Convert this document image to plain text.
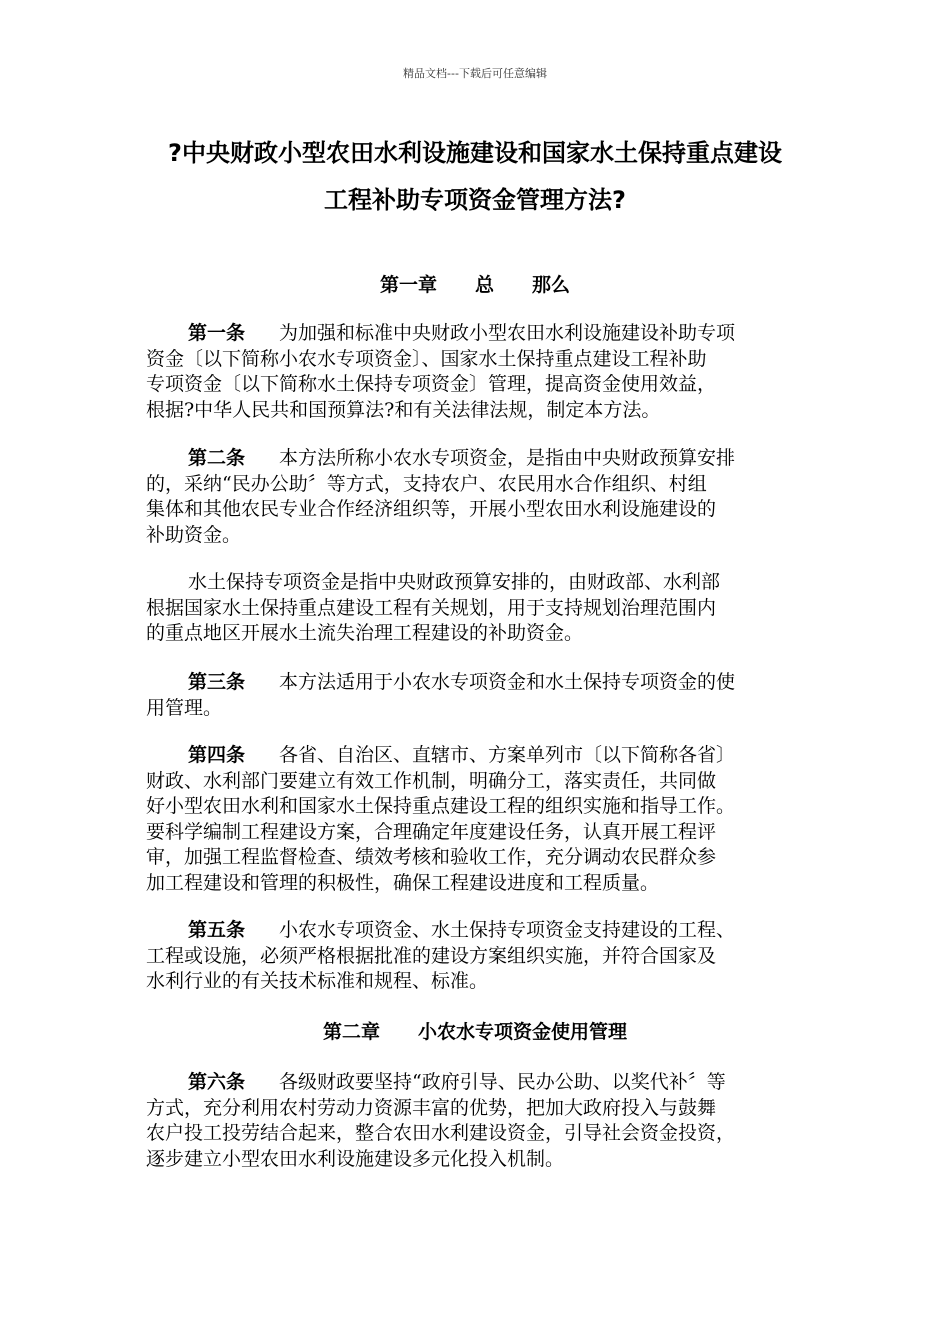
精品文档---下载后可任意编辑
?中央财政小型农田水利设施建设和国家水土保持重点建设
工程补助专项资金管理方法?
第一章 总 那么
第一条 为加强和标准中央财政小型农田水利设施建设补助专项
资金〔以下简称小农水专项资金〕、国家水土保持重点建设工程补助
专项资金〔以下简称水土保持专项资金〕管理，提高资金使用效益，
根据?中华人民共和国预算法?和有关法律法规，制定本方法。
第二条 本方法所称小农水专项资金，是指由中央财政预算安排
的，采纳“民办公助〞等方式，支持农户、农民用水合作组织、村组
集体和其他农民专业合作经济组织等，开展小型农田水利设施建设的
补助资金。
水土保持专项资金是指中央财政预算安排的，由财政部、水利部
根据国家水土保持重点建设工程有关规划，用于支持规划治理范围内
的重点地区开展水土流失治理工程建设的补助资金。
第三条 本方法适用于小农水专项资金和水土保持专项资金的使
用管理。
第四条 各省、自治区、直辖市、方案单列市〔以下简称各省〕
财政、水利部门要建立有效工作机制，明确分工，落实责任，共同做
好小型农田水利和国家水土保持重点建设工程的组织实施和指导工作。
要科学编制工程建设方案，合理确定年度建设任务，认真开展工程评
审，加强工程监督检查、绩效考核和验收工作，充分调动农民群众参
加工程建设和管理的积极性，确保工程建设进度和工程质量。
第五条 小农水专项资金、水土保持专项资金支持建设的工程、
工程或设施，必须严格根据批准的建设方案组织实施，并符合国家及
水利行业的有关技术标准和规程、标准。
第二章 小农水专项资金使用管理
第六条 各级财政要坚持“政府引导、民办公助、以奖代补〞等
方式，充分利用农村劳动力资源丰富的优势，把加大政府投入与鼓舞
农户投工投劳结合起来，整合农田水利建设资金，引导社会资金投资，
逐步建立小型农田水利设施建设多元化投入机制。
